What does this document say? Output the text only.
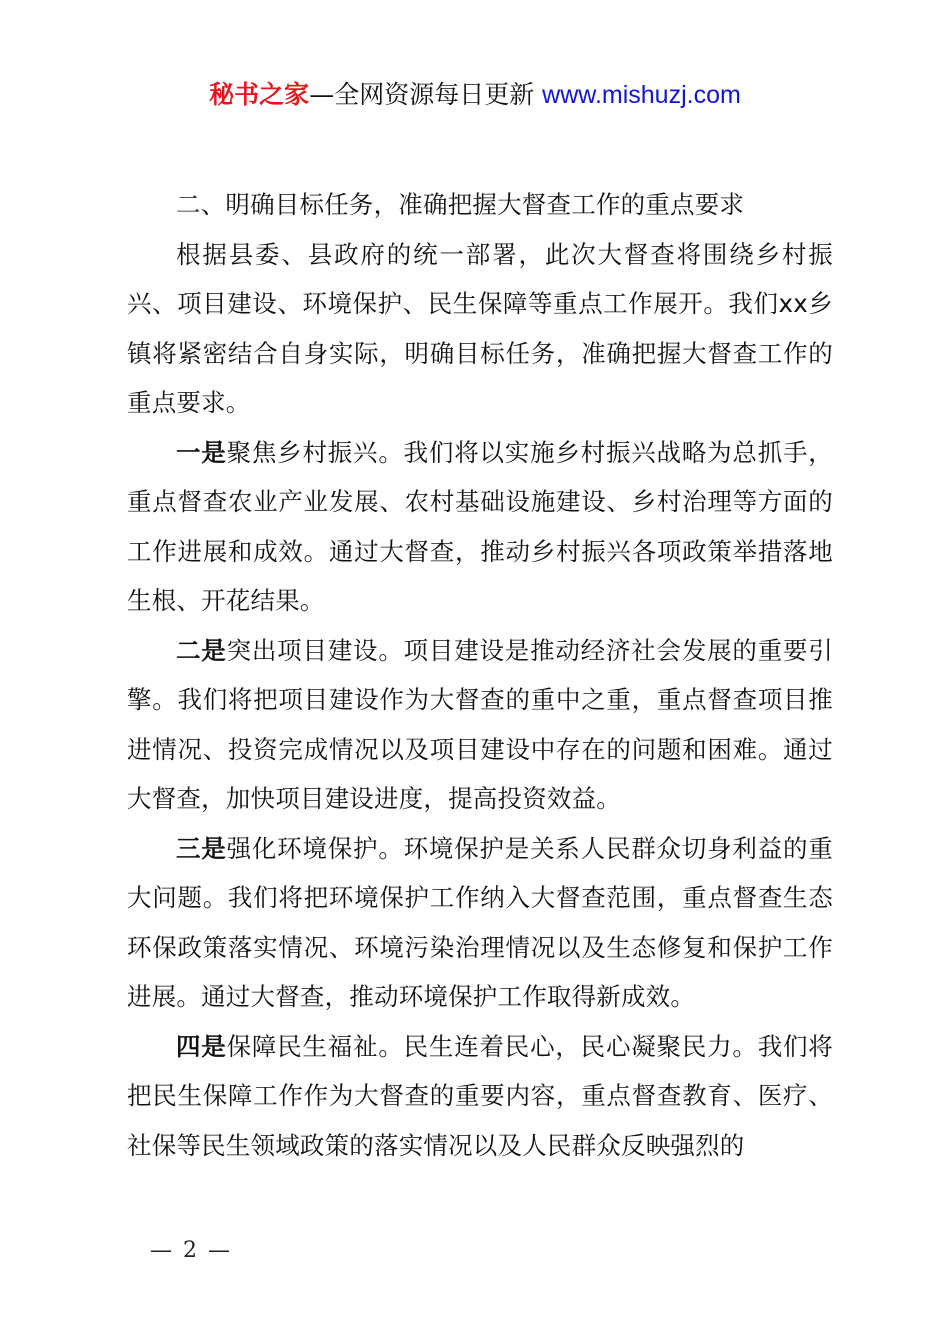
秘书之家—全网资源每日更新 www.mishuzj.com

二、明确目标任务，准确把握大督查工作的重点要求

根据县委、县政府的统一部署，此次大督查将围绕乡村振兴、项目建设、环境保护、民生保障等重点工作展开。我们xx乡镇将紧密结合自身实际，明确目标任务，准确把握大督查工作的重点要求。

一是聚焦乡村振兴。我们将以实施乡村振兴战略为总抓手，重点督查农业产业发展、农村基础设施建设、乡村治理等方面的工作进展和成效。通过大督查，推动乡村振兴各项政策举措落地生根、开花结果。

二是突出项目建设。项目建设是推动经济社会发展的重要引擎。我们将把项目建设作为大督查的重中之重，重点督查项目推进情况、投资完成情况以及项目建设中存在的问题和困难。通过大督查，加快项目建设进度，提高投资效益。

三是强化环境保护。环境保护是关系人民群众切身利益的重大问题。我们将把环境保护工作纳入大督查范围，重点督查生态环保政策落实情况、环境污染治理情况以及生态修复和保护工作进展。通过大督查，推动环境保护工作取得新成效。

四是保障民生福祉。民生连着民心，民心凝聚民力。我们将把民生保障工作作为大督查的重要内容，重点督查教育、医疗、社保等民生领域政策的落实情况以及人民群众反映强烈的

— 2 —
